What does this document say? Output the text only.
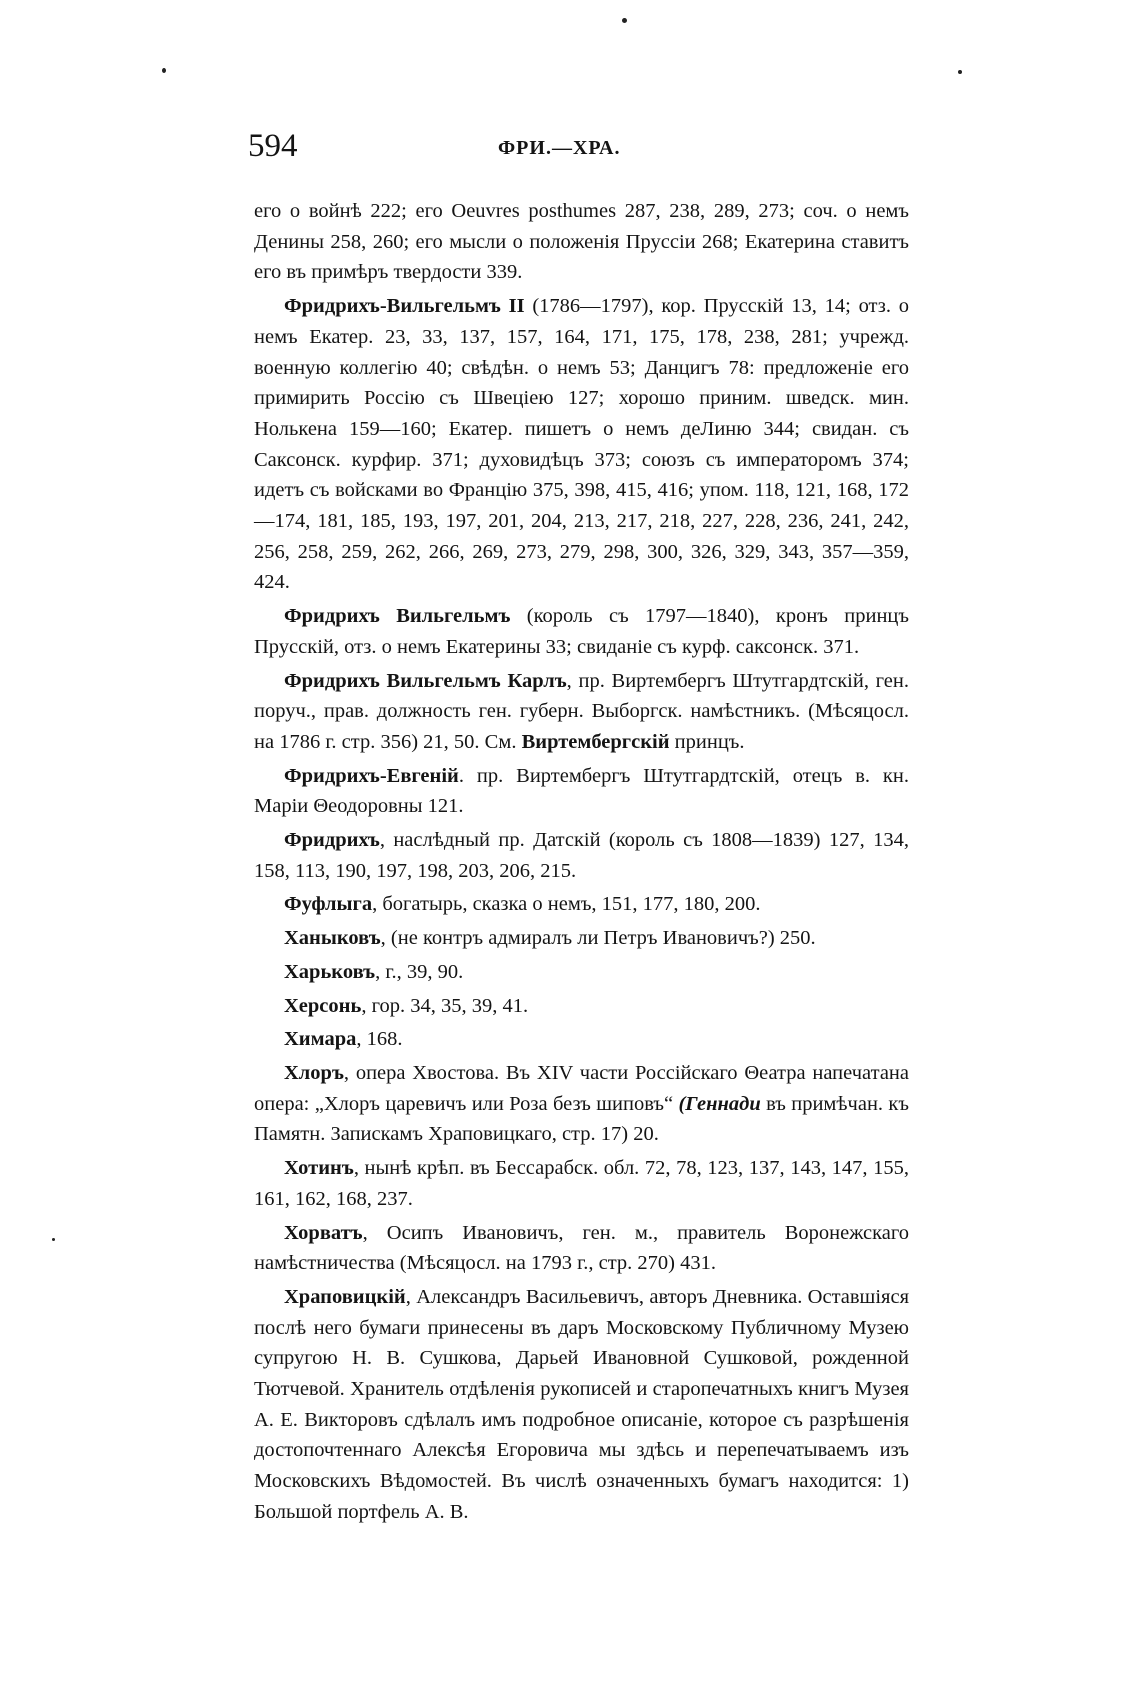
594	ФРИ.—ХРА.

его о войнѣ 222; его Oeuvres posthumes 287, 238, 289, 273; соч. о немъ Денины 258, 260; его мысли о положенія Пруссіи 268; Екатерина ставитъ его въ примѣръ твердости 339.

Фридрихъ-Вильгельмъ II (1786—1797), кор. Прусскій 13, 14; отз. о немъ Екатер. 23, 33, 137, 157, 164, 171, 175, 178, 238, 281; учрежд. военную коллегію 40; свѣдѣн. о немъ 53; Данцигъ 78: предложеніе его примирить Россію съ Швеціею 127; хорошо приним. шведск. мин. Нолькена 159—160; Екатер. пишетъ о немъ деЛиню 344; свидан. съ Саксонск. курфир. 371; духовидѣцъ 373; союзъ съ императоромъ 374; идетъ съ войсками во Францію 375, 398, 415, 416; упом. 118, 121, 168, 172—174, 181, 185, 193, 197, 201, 204, 213, 217, 218, 227, 228, 236, 241, 242, 256, 258, 259, 262, 266, 269, 273, 279, 298, 300, 326, 329, 343, 357—359, 424.

Фридрихъ Вильгельмъ (король съ 1797—1840), кронъ принцъ Прусскій, отз. о немъ Екатерины 33; свиданіе съ курф. саксонск. 371.

Фридрихъ Вильгельмъ Карлъ, пр. Виртембергъ Штутгардтскій, ген. поруч., прав. должность ген. губерн. Выборгск. намѣстникъ. (Мѣсяцосл. на 1786 г. стр. 356) 21, 50. См. Виртембергскій принцъ.

Фридрихъ-Евгеній. пр. Виртембергъ Штутгардтскій, отецъ в. кн. Маріи Θеодоровны 121.

Фридрихъ, наслѣдный пр. Датскій (король съ 1808—1839) 127, 134, 158, 113, 190, 197, 198, 203, 206, 215.

Фуфлыга, богатырь, сказка о немъ, 151, 177, 180, 200.

Ханыковъ, (не контръ адмиралъ ли Петръ Ивановичъ?) 250.

Харьковъ, г., 39, 90.

Херсонь, гор. 34, 35, 39, 41.

Химара, 168.

Хлоръ, опера Хвостова. Въ XIV части Россійскаго Θеатра напечатана опера: „Хлоръ царевичъ или Роза безъ шиповъ“ (Геннади въ примѣчан. къ Памятн. Запискамъ Храповицкаго, стр. 17) 20.

Хотинъ, нынѣ крѣп. въ Бессарабск. обл. 72, 78, 123, 137, 143, 147, 155, 161, 162, 168, 237.

Хорватъ, Осипъ Ивановичъ, ген. м., правитель Воронежскаго намѣстничества (Мѣсяцосл. на 1793 г., стр. 270) 431.

Храповицкій, Александръ Васильевичъ, авторъ Дневника. Оставшіяся послѣ него бумаги принесены въ даръ Московскому Публичному Музею супругою Н. В. Сушкова, Дарьей Ивановной Сушковой, рожденной Тютчевой. Хранитель отдѣленія рукописей и старопечатныхъ книгъ Музея А. Е. Викторовъ сдѣлалъ имъ подробное описаніе, которое съ разрѣшенія достопочтеннаго Алексѣя Егоровича мы здѣсь и перепечатываемъ изъ Московскихъ Вѣдомостей. Въ числѣ означенныхъ бумагъ находится: 1) Большой портфель А. В.
